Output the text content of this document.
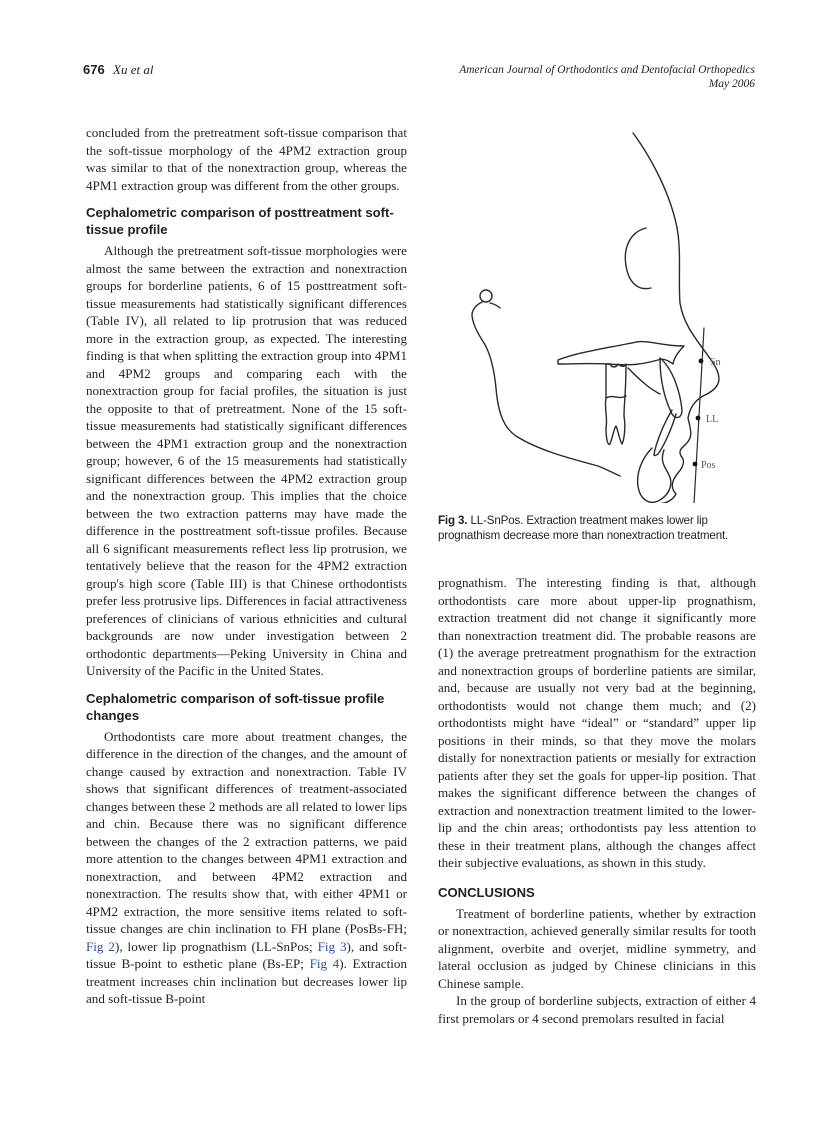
676 Xu et al	American Journal of Orthodontics and Dentofacial Orthopedics
May 2006

concluded from the pretreatment soft-tissue comparison that the soft-tissue morphology of the 4PM2 extraction group was similar to that of the nonextraction group, whereas the 4PM1 extraction group was different from the other groups.

Cephalometric comparison of posttreatment soft-tissue profile

Although the pretreatment soft-tissue morphologies were almost the same between the extraction and nonextraction groups for borderline patients, 6 of 15 posttreatment soft-tissue measurements had statistically significant differences (Table IV), all related to lip protrusion that was reduced more in the extraction group, as expected. The interesting finding is that when splitting the extraction group into 4PM1 and 4PM2 groups and comparing each with the nonextraction group for facial profiles, the situation is just the opposite to that of pretreatment. None of the 15 soft-tissue measurements had statistically significant differences between the 4PM1 extraction group and the nonextraction group; however, 6 of the 15 measurements had statistically significant differences between the 4PM2 extraction group and the nonextraction group. This implies that the choice between the two extraction patterns may have made the difference in the posttreatment soft-tissue profiles. Because all 6 significant measurements reflect less lip protrusion, we tentatively believe that the reason for the 4PM2 extraction group's high score (Table III) is that Chinese orthodontists prefer less protrusive lips. Differences in facial attractiveness preferences of clinicians of various ethnicities and cultural backgrounds are now under investigation between 2 orthodontic departments—Peking University in China and University of the Pacific in the United States.

Cephalometric comparison of soft-tissue profile changes

Orthodontists care more about treatment changes, the difference in the direction of the changes, and the amount of change caused by extraction and nonextraction. Table IV shows that significant differences of treatment-associated changes between these 2 methods are all related to lower lips and chin. Because there was no significant difference between the changes of the 2 extraction patterns, we paid more attention to the changes between 4PM1 extraction and nonextraction, and between 4PM2 extraction and nonextraction. The results show that, with either 4PM1 or 4PM2 extraction, the more sensitive items related to soft-tissue changes are chin inclination to FH plane (PosBs-FH; Fig 2), lower lip prognathism (LL-SnPos; Fig 3), and soft-tissue B-point to esthetic plane (Bs-EP; Fig 4). Extraction treatment increases chin inclination but decreases lower lip and soft-tissue B-point

Sn
LL
Pos
Fig 3. LL-SnPos. Extraction treatment makes lower lip prognathism decrease more than nonextraction treatment.

prognathism. The interesting finding is that, although orthodontists care more about upper-lip prognathism, extraction treatment did not change it significantly more than nonextraction treatment did. The probable reasons are (1) the average pretreatment prognathism for the extraction and nonextraction groups of borderline patients are similar, and, because are usually not very bad at the beginning, orthodontists would not change them much; and (2) orthodontists might have “ideal” or “standard” upper lip positions in their minds, so that they move the molars distally for nonextraction patients or mesially for extraction patients after they set the goals for upper-lip position. That makes the significant difference between the changes of extraction and nonextraction treatment limited to the lower-lip and the chin areas; orthodontists pay less attention to these in their treatment plans, although the changes affect their subjective evaluations, as shown in this study.

CONCLUSIONS

Treatment of borderline patients, whether by extraction or nonextraction, achieved generally similar results for tooth alignment, overbite and overjet, midline symmetry, and lateral occlusion as judged by Chinese clinicians in this Chinese sample.

In the group of borderline subjects, extraction of either 4 first premolars or 4 second premolars resulted in facial
